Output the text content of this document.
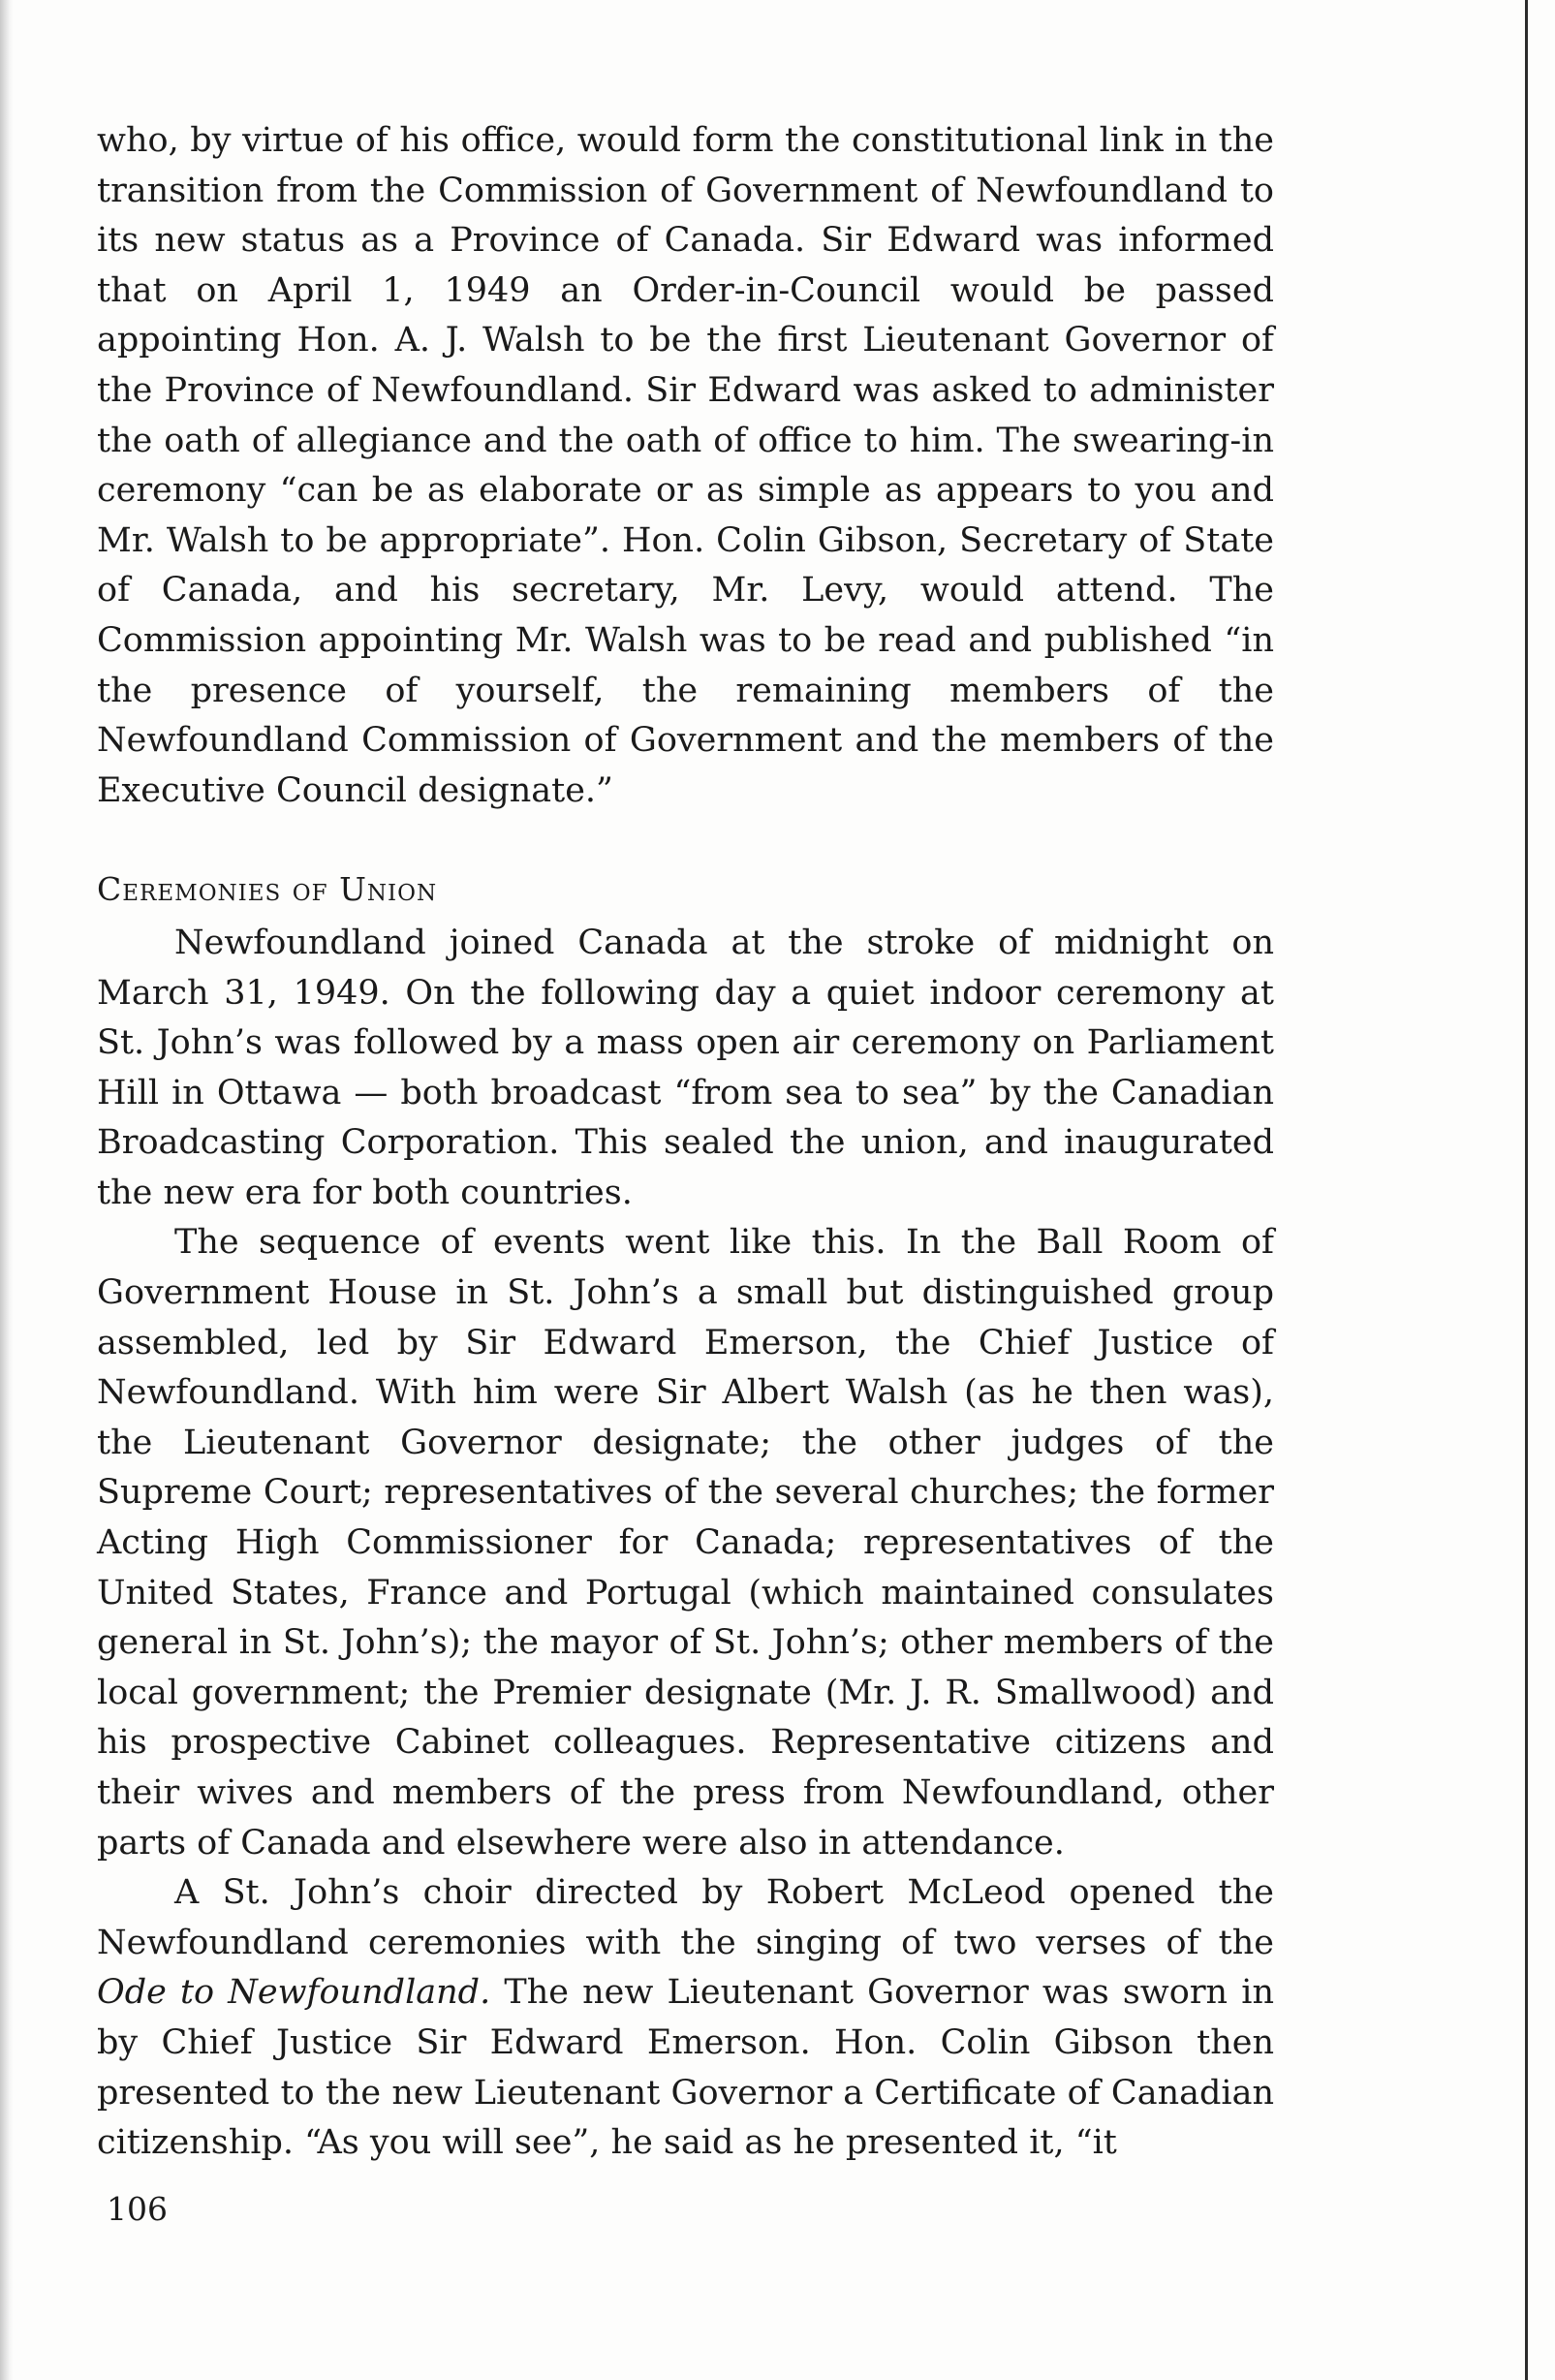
who, by virtue of his office, would form the constitutional link in the transition from the Commission of Government of Newfoundland to its new status as a Province of Canada. Sir Edward was informed that on April 1, 1949 an Order-in-Council would be passed appointing Hon. A. J. Walsh to be the first Lieutenant Governor of the Province of Newfoundland. Sir Edward was asked to administer the oath of allegiance and the oath of office to him. The swearing-in ceremony “can be as elaborate or as simple as appears to you and Mr. Walsh to be appropriate”. Hon. Colin Gibson, Secretary of State of Canada, and his secretary, Mr. Levy, would attend. The Commission appointing Mr. Walsh was to be read and published “in the presence of yourself, the remaining members of the Newfoundland Commission of Government and the members of the Executive Council designate.”

Ceremonies of Union

Newfoundland joined Canada at the stroke of midnight on March 31, 1949. On the following day a quiet indoor ceremony at St. John’s was followed by a mass open air ceremony on Parliament Hill in Ottawa — both broadcast “from sea to sea” by the Canadian Broadcasting Corporation. This sealed the union, and inaugurated the new era for both countries.

The sequence of events went like this. In the Ball Room of Government House in St. John’s a small but distinguished group assembled, led by Sir Edward Emerson, the Chief Justice of Newfoundland. With him were Sir Albert Walsh (as he then was), the Lieutenant Governor designate; the other judges of the Supreme Court; representatives of the several churches; the former Acting High Commissioner for Canada; representatives of the United States, France and Portugal (which maintained consulates general in St. John’s); the mayor of St. John’s; other members of the local government; the Premier designate (Mr. J. R. Smallwood) and his prospective Cabinet colleagues. Representative citizens and their wives and members of the press from Newfoundland, other parts of Canada and elsewhere were also in attendance.

A St. John’s choir directed by Robert McLeod opened the Newfoundland ceremonies with the singing of two verses of the Ode to Newfoundland. The new Lieutenant Governor was sworn in by Chief Justice Sir Edward Emerson. Hon. Colin Gibson then presented to the new Lieutenant Governor a Certificate of Canadian citizenship. “As you will see”, he said as he presented it, “it

106
